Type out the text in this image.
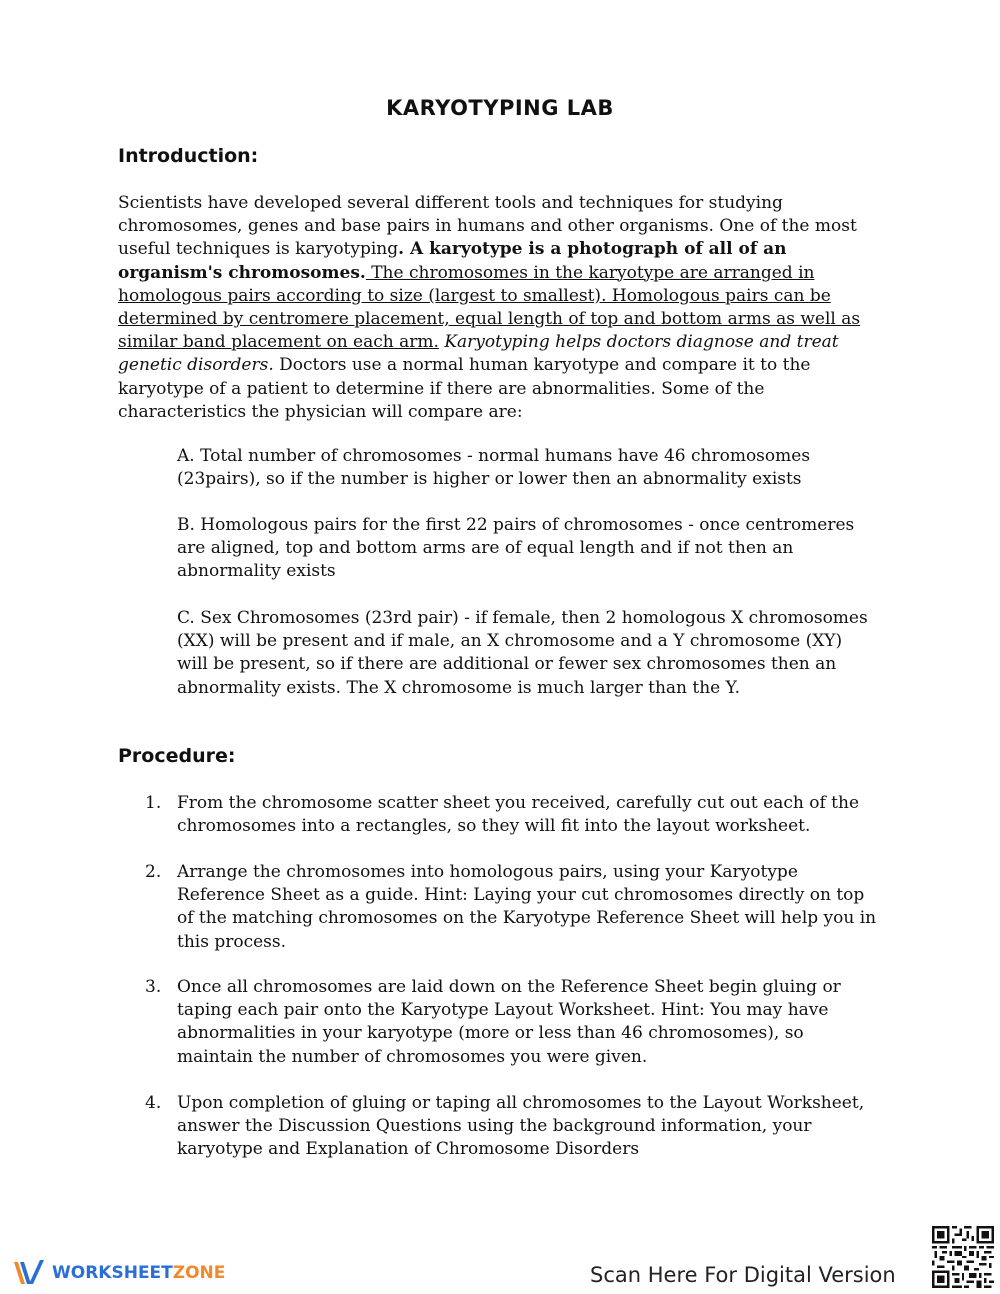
KARYOTYPING LAB
Introduction:

Scientists have developed several different tools and techniques for studying chromosomes, genes and base pairs in humans and other organisms. One of the most useful techniques is karyotyping. A karyotype is a photograph of all of an organism's chromosomes. The chromosomes in the karyotype are arranged in homologous pairs according to size (largest to smallest). Homologous pairs can be determined by centromere placement, equal length of top and bottom arms as well as similar band placement on each arm. Karyotyping helps doctors diagnose and treat genetic disorders. Doctors use a normal human karyotype and compare it to the karyotype of a patient to determine if there are abnormalities. Some of the characteristics the physician will compare are:

A. Total number of chromosomes - normal humans have 46 chromosomes (23pairs), so if the number is higher or lower then an abnormality exists

B. Homologous pairs for the first 22 pairs of chromosomes - once centromeres are aligned, top and bottom arms are of equal length and if not then an abnormality exists

C. Sex Chromosomes (23rd pair) - if female, then 2 homologous X chromosomes (XX) will be present and if male, an X chromosome and a Y chromosome (XY) will be present, so if there are additional or fewer sex chromosomes then an abnormality exists. The X chromosome is much larger than the Y.

Procedure:
1. From the chromosome scatter sheet you received, carefully cut out each of the chromosomes into a rectangles, so they will fit into the layout worksheet.
2. Arrange the chromosomes into homologous pairs, using your Karyotype Reference Sheet as a guide. Hint: Laying your cut chromosomes directly on top of the matching chromosomes on the Karyotype Reference Sheet will help you in this process.
3. Once all chromosomes are laid down on the Reference Sheet begin gluing or taping each pair onto the Karyotype Layout Worksheet. Hint: You may have abnormalities in your karyotype (more or less than 46 chromosomes), so maintain the number of chromosomes you were given.
4. Upon completion of gluing or taping all chromosomes to the Layout Worksheet, answer the Discussion Questions using the background information, your karyotype and Explanation of Chromosome Disorders
WORKSHEET ZONE	Scan Here For Digital Version
